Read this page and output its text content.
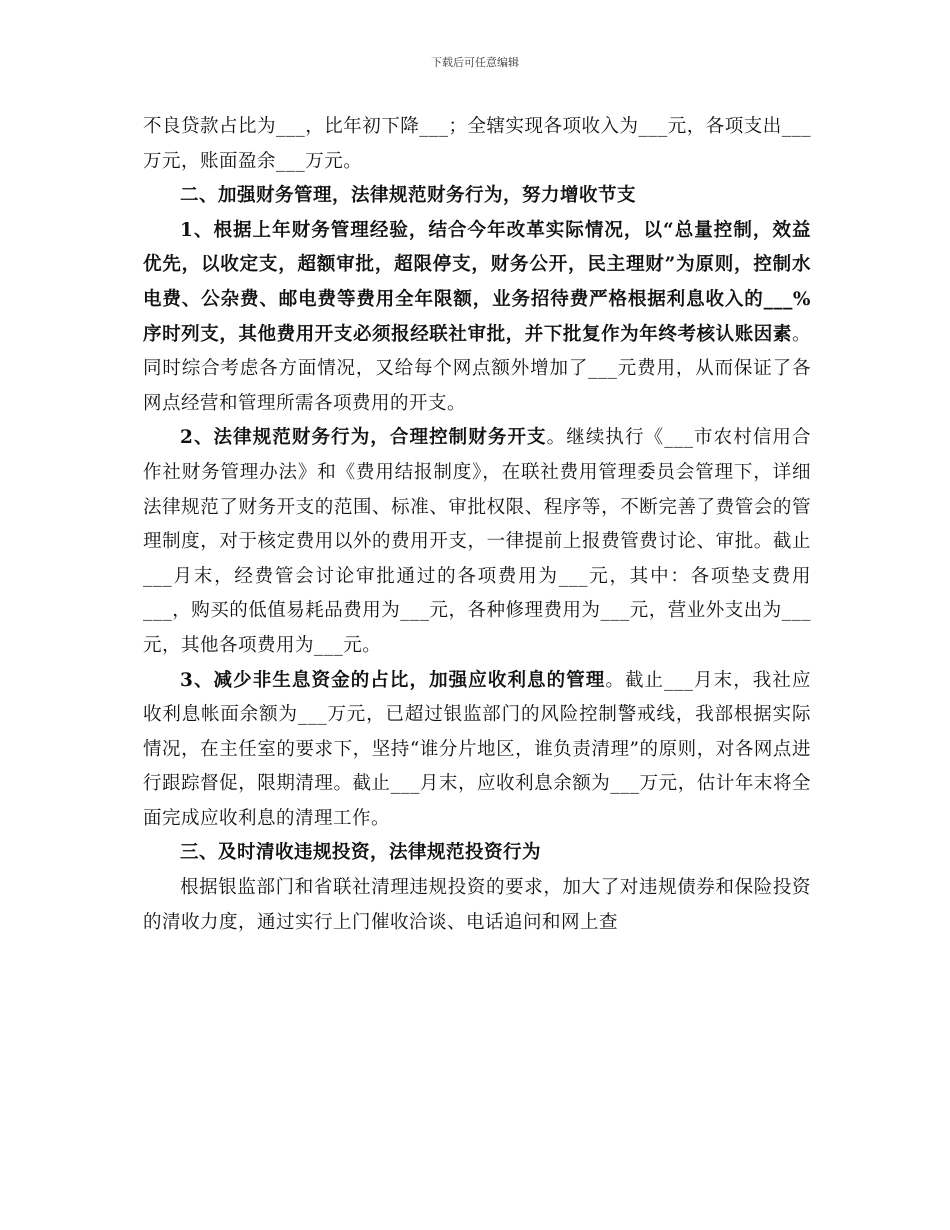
下载后可任意编辑

不良贷款占比为___，比年初下降___；全辖实现各项收入为___元，各项支出___万元，账面盈余___万元。

二、加强财务管理，法律规范财务行为，努力增收节支

1、根据上年财务管理经验，结合今年改革实际情况，以“总量控制，效益优先，以收定支，超额审批，超限停支，财务公开，民主理财”为原则，控制水电费、公杂费、邮电费等费用全年限额，业务招待费严格根据利息收入的___%序时列支，其他费用开支必须报经联社审批，并下批复作为年终考核认账因素。同时综合考虑各方面情况，又给每个网点额外增加了___元费用，从而保证了各网点经营和管理所需各项费用的开支。

2、法律规范财务行为，合理控制财务开支。继续执行《___市农村信用合作社财务管理办法》和《费用结报制度》，在联社费用管理委员会管理下，详细法律规范了财务开支的范围、标准、审批权限、程序等，不断完善了费管会的管理制度，对于核定费用以外的费用开支，一律提前上报费管费讨论、审批。截止___月末，经费管会讨论审批通过的各项费用为___元，其中：各项垫支费用___，购买的低值易耗品费用为___元，各种修理费用为___元，营业外支出为___元，其他各项费用为___元。

3、减少非生息资金的占比，加强应收利息的管理。截止___月末，我社应收利息帐面余额为___万元，已超过银监部门的风险控制警戒线，我部根据实际情况，在主任室的要求下，坚持“谁分片地区，谁负责清理”的原则，对各网点进行跟踪督促，限期清理。截止___月末，应收利息余额为___万元，估计年末将全面完成应收利息的清理工作。

三、及时清收违规投资，法律规范投资行为

根据银监部门和省联社清理违规投资的要求，加大了对违规债券和保险投资的清收力度，通过实行上门催收洽谈、电话追问和网上查
